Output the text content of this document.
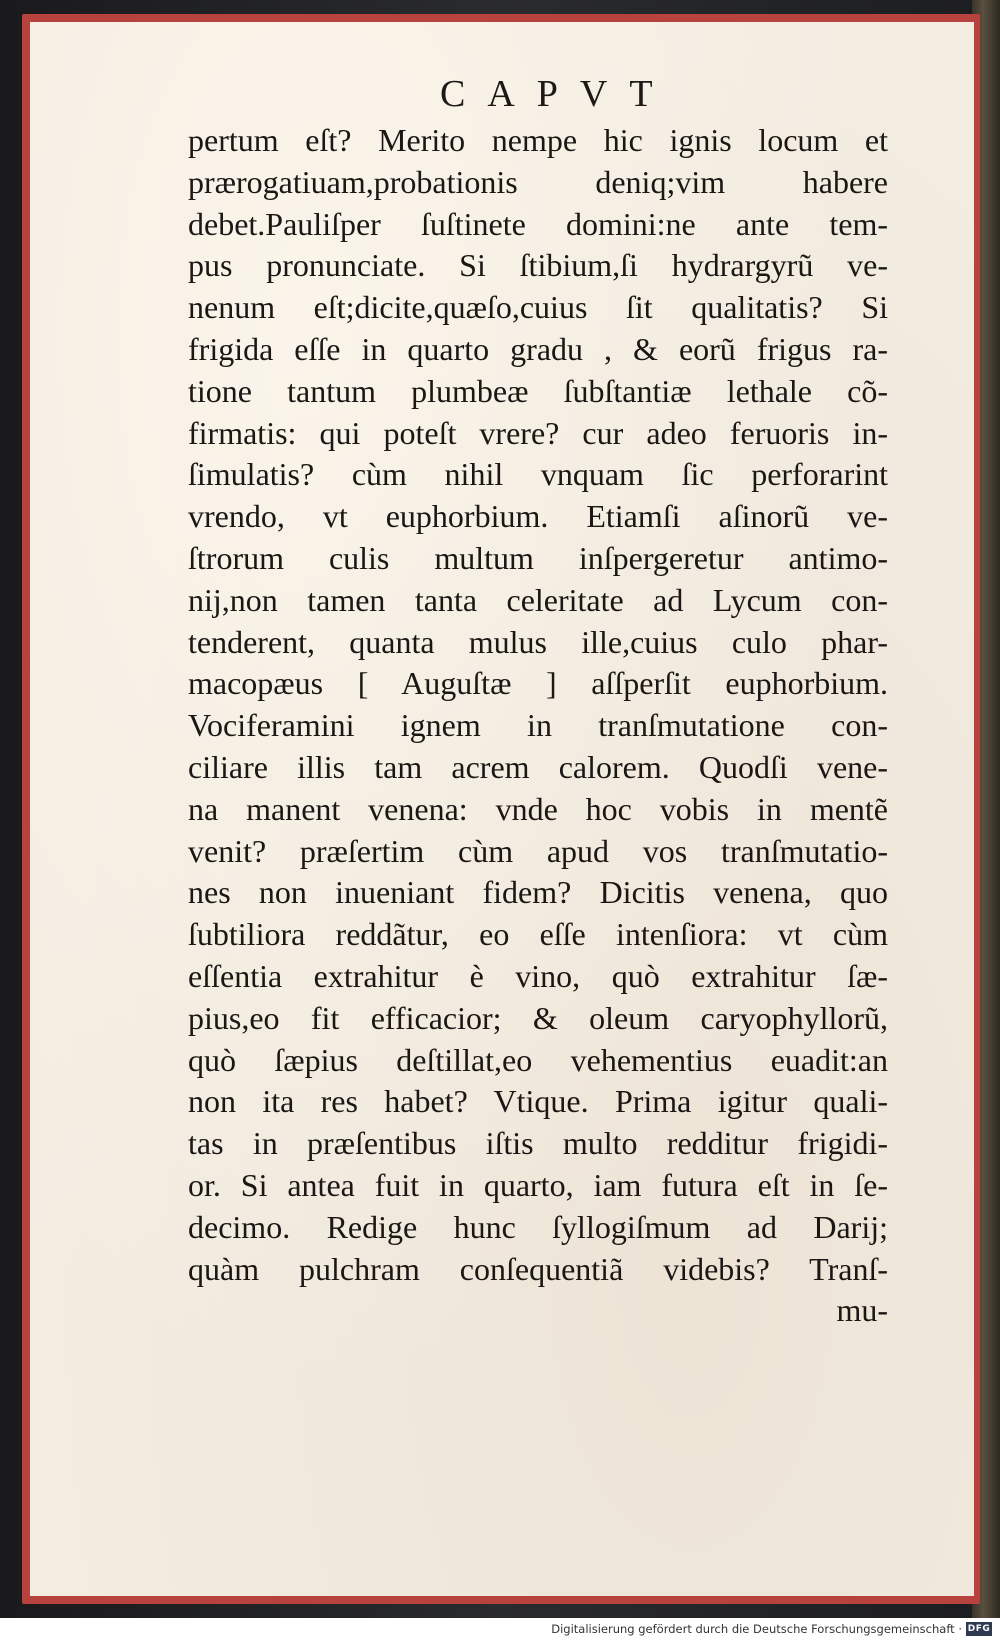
CAPVT
pertum eſt? Merito nempe hic ignis locum et
prærogatiuam,probationis deniq;vim habere
debet.Pauliſper ſuſtinete domini:ne ante tem-
pus pronunciate. Si ſtibium,ſi hydrargyrũ ve-
nenum eſt;dicite,quæſo,cuius ſit qualitatis? Si
frigida eſſe in quarto gradu , & eorũ frigus ra-
tione tantum plumbeæ ſubſtantiæ lethale cõ-
firmatis: qui poteſt vrere? cur adeo feruoris in-
ſimulatis? cùm nihil vnquam ſic perforarint
vrendo, vt euphorbium. Etiamſi aſinorũ ve-
ſtrorum culis multum inſpergeretur antimo-
nij,non tamen tanta celeritate ad Lycum con-
tenderent, quanta mulus ille,cuius culo phar-
macopæus [ Auguſtæ ] aſſperſit euphorbium.
Vociferamini ignem in tranſmutatione con-
ciliare illis tam acrem calorem. Quodſi vene-
na manent venena: vnde hoc vobis in mentẽ
venit? præſertim cùm apud vos tranſmutatio-
nes non inueniant fidem? Dicitis venena, quo
ſubtiliora reddãtur, eo eſſe intenſiora: vt cùm
eſſentia extrahitur è vino, quò extrahitur ſæ-
pius,eo fit efficacior; & oleum caryophyllorũ,
quò ſæpius deſtillat,eo vehementius euadit:an
non ita res habet? Vtique. Prima igitur quali-
tas in præſentibus iſtis multo redditur frigidi-
or. Si antea fuit in quarto, iam futura eſt in ſe-
decimo. Redige hunc ſyllogiſmum ad Darij;
quàm pulchram conſequentiã videbis? Tranſ-
mu-
Digitalisierung gefördert durch die Deutsche Forschungsgemeinschaft · DFG
